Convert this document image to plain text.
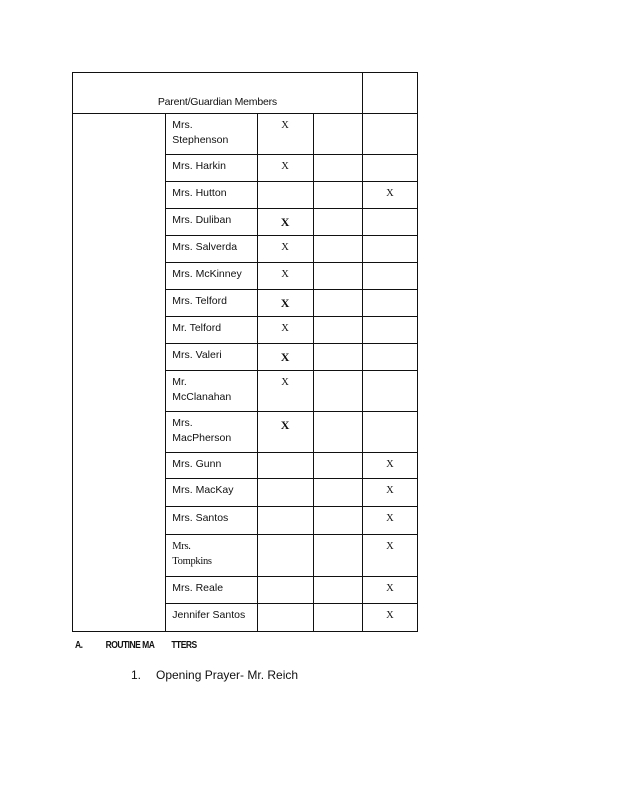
Parent/Guardian Members				

	Mrs.
Stephenson	X		

	Mrs. Harkin	X		

	Mrs. Hutton			X

	Mrs. Duliban	X		

	Mrs. Salverda	X		

	Mrs. McKinney	X		

	Mrs. Telford	X		

	Mr. Telford	X		

	Mrs. Valeri	X		

	Mr.
McClanahan	X		

	Mrs.
MacPherson	X		

	Mrs. Gunn			X

	Mrs. MacKay			X

	Mrs. Santos			X

	Mrs.
Tompkins			X

	Mrs. Reale			X

	Jennifer Santos			X
A. ROUTINE MA TTERS
1. Opening Prayer- Mr. Reich
